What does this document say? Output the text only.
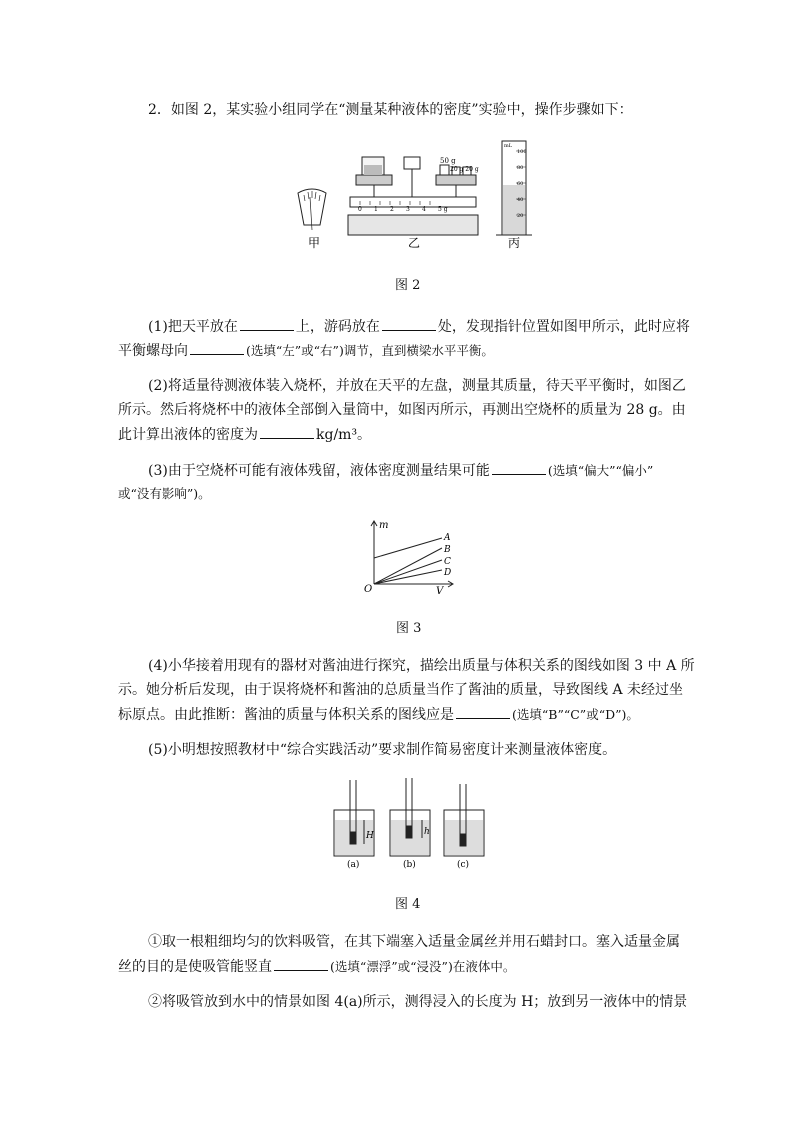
2．如图 2，某实验小组同学在“测量某种液体的密度”实验中，操作步骤如下：
甲
50 g
20 g 20 g
乙
mL
丙
100
80
60
40
20
0 1 2 3 4 5 g
图 2
(1)把天平放在	上，游码放在	处，发现指针位置如图甲所示，此时应将
平衡螺母向	(选填“左”或“右”)调节，直到横梁水平平衡。
(2)将适量待测液体装入烧杯，并放在天平的左盘，测量其质量，待天平平衡时，如图乙
所示。然后将烧杯中的液体全部倒入量筒中，如图丙所示，再测出空烧杯的质量为 28 g。由
此计算出液体的密度为	kg/m³。
(3)由于空烧杯可能有液体残留，液体密度测量结果可能	(选填“偏大”“偏小”
或“没有影响”)。
m
V
O
A
B
C
D
图 3
(4)小华接着用现有的器材对酱油进行探究，描绘出质量与体积关系的图线如图 3 中 A 所
示。她分析后发现，由于误将烧杯和酱油的总质量当作了酱油的质量，导致图线 A 未经过坐
标原点。由此推断：酱油的质量与体积关系的图线应是	(选填“B”“C”或“D”)。
(5)小明想按照教材中“综合实践活动”要求制作简易密度计来测量液体密度。
H	h
(a)	(b)	(c)
图 4
①取一根粗细均匀的饮料吸管，在其下端塞入适量金属丝并用石蜡封口。塞入适量金属
丝的目的是使吸管能竖直	(选填“漂浮”或“浸没”)在液体中。
②将吸管放到水中的情景如图 4(a)所示，测得浸入的长度为 H；放到另一液体中的情景
